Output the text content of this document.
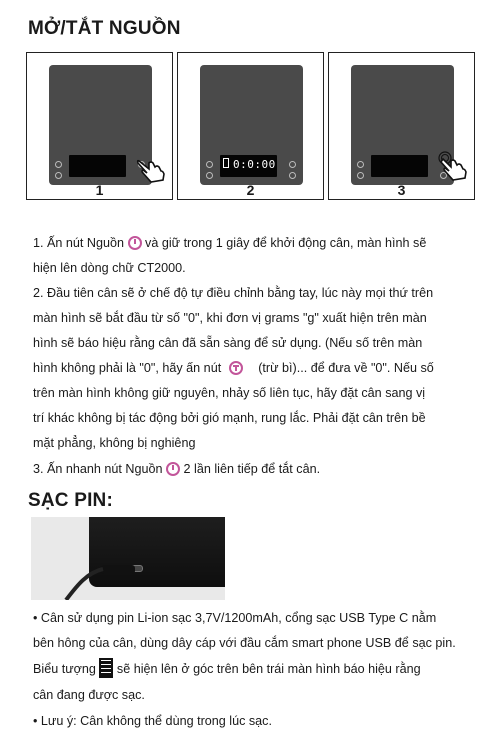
MỞ/TẮT NGUỒN
1
0:0:00
2	3
1. Ấn nút Nguồn và giữ trong 1 giây để khởi động cân, màn hình sẽ
hiện lên dòng chữ CT2000.
2. Đầu tiên cân sẽ ở chế độ tự điều chỉnh bằng tay, lúc này mọi thứ trên
màn hình sẽ bắt đầu từ số "0", khi đơn vị grams "g" xuất hiện trên màn
hình sẽ báo hiệu rằng cân đã sẵn sàng để sử dụng. (Nếu số trên màn
hình không phải là "0", hãy ấn nút	(trừ bì)... để đưa về "0". Nếu số
trên màn hình không giữ nguyên, nhảy số liên tục, hãy đặt cân sang vị
trí khác không bị tác động bởi gió mạnh, rung lắc. Phải đặt cân trên bề
mặt phẳng, không bị nghiêng
3. Ấn nhanh nút Nguồn 2 lần liên tiếp để tắt cân.
SẠC PIN:
• Cân sử dụng pin Li-ion sạc 3,7V/1200mAh, cổng sạc USB Type C nằm
bên hông của cân, dùng dây cáp với đầu cắm smart phone USB để sạc pin.
Biểu tượng sẽ hiện lên ở góc trên bên trái màn hình báo hiệu rằng
cân đang được sạc.
• Lưu ý: Cân không thể dùng trong lúc sạc.
